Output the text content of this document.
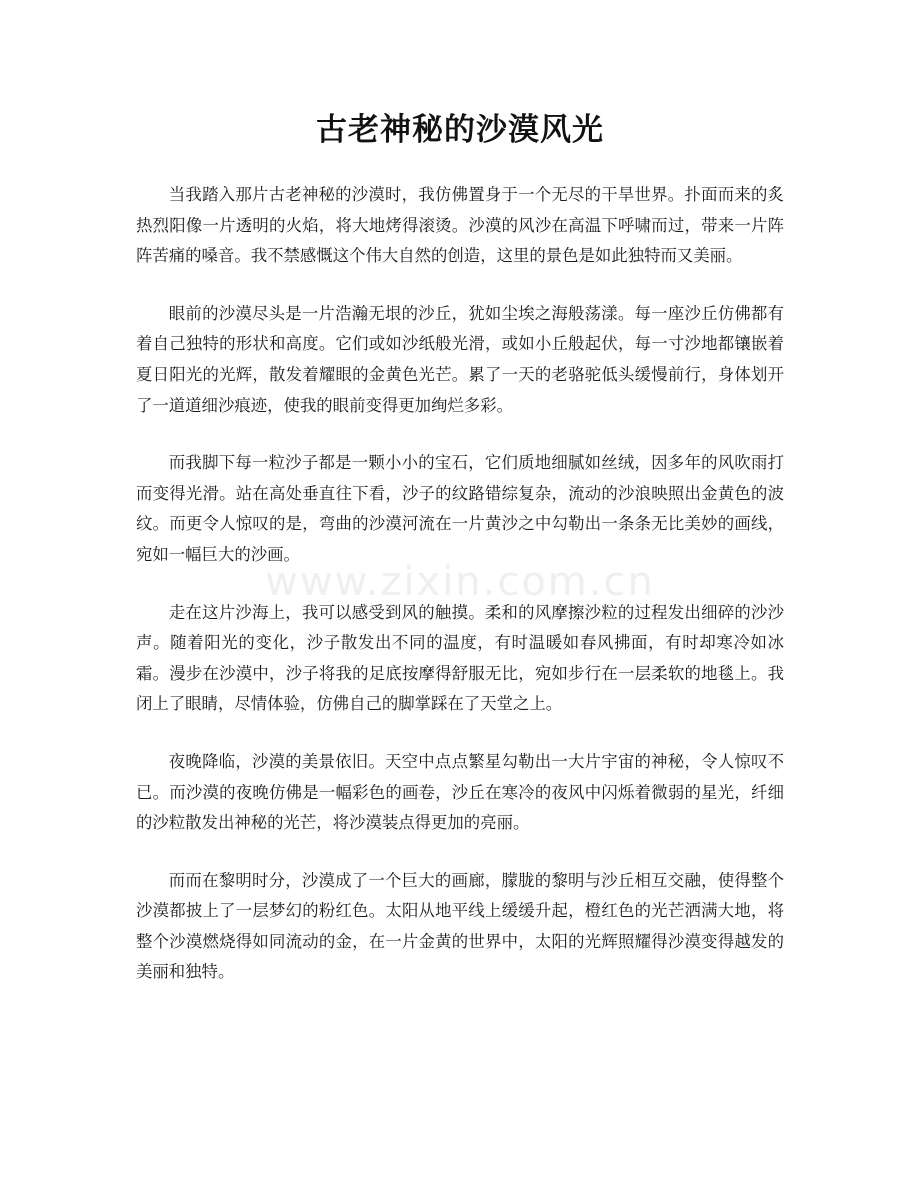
古老神秘的沙漠风光

当我踏入那片古老神秘的沙漠时，我仿佛置身于一个无尽的干旱世界。扑面而来的炙热烈阳像一片透明的火焰，将大地烤得滚烫。沙漠的风沙在高温下呼啸而过，带来一片阵阵苦痛的嗓音。我不禁感慨这个伟大自然的创造，这里的景色是如此独特而又美丽。

眼前的沙漠尽头是一片浩瀚无垠的沙丘，犹如尘埃之海般荡漾。每一座沙丘仿佛都有着自己独特的形状和高度。它们或如沙纸般光滑，或如小丘般起伏，每一寸沙地都镶嵌着夏日阳光的光辉，散发着耀眼的金黄色光芒。累了一天的老骆驼低头缓慢前行，身体划开了一道道细沙痕迹，使我的眼前变得更加绚烂多彩。

而我脚下每一粒沙子都是一颗小小的宝石，它们质地细腻如丝绒，因多年的风吹雨打而变得光滑。站在高处垂直往下看，沙子的纹路错综复杂，流动的沙浪映照出金黄色的波纹。而更令人惊叹的是，弯曲的沙漠河流在一片黄沙之中勾勒出一条条无比美妙的画线，宛如一幅巨大的沙画。

走在这片沙海上，我可以感受到风的触摸。柔和的风摩擦沙粒的过程发出细碎的沙沙声。随着阳光的变化，沙子散发出不同的温度，有时温暖如春风拂面，有时却寒冷如冰霜。漫步在沙漠中，沙子将我的足底按摩得舒服无比，宛如步行在一层柔软的地毯上。我闭上了眼睛，尽情体验，仿佛自己的脚掌踩在了天堂之上。

夜晚降临，沙漠的美景依旧。天空中点点繁星勾勒出一大片宇宙的神秘，令人惊叹不已。而沙漠的夜晚仿佛是一幅彩色的画卷，沙丘在寒冷的夜风中闪烁着微弱的星光，纤细的沙粒散发出神秘的光芒，将沙漠装点得更加的亮丽。

而而在黎明时分，沙漠成了一个巨大的画廊，朦胧的黎明与沙丘相互交融，使得整个沙漠都披上了一层梦幻的粉红色。太阳从地平线上缓缓升起，橙红色的光芒洒满大地，将整个沙漠燃烧得如同流动的金，在一片金黄的世界中，太阳的光辉照耀得沙漠变得越发的美丽和独特。

www.zixin.com.cn
